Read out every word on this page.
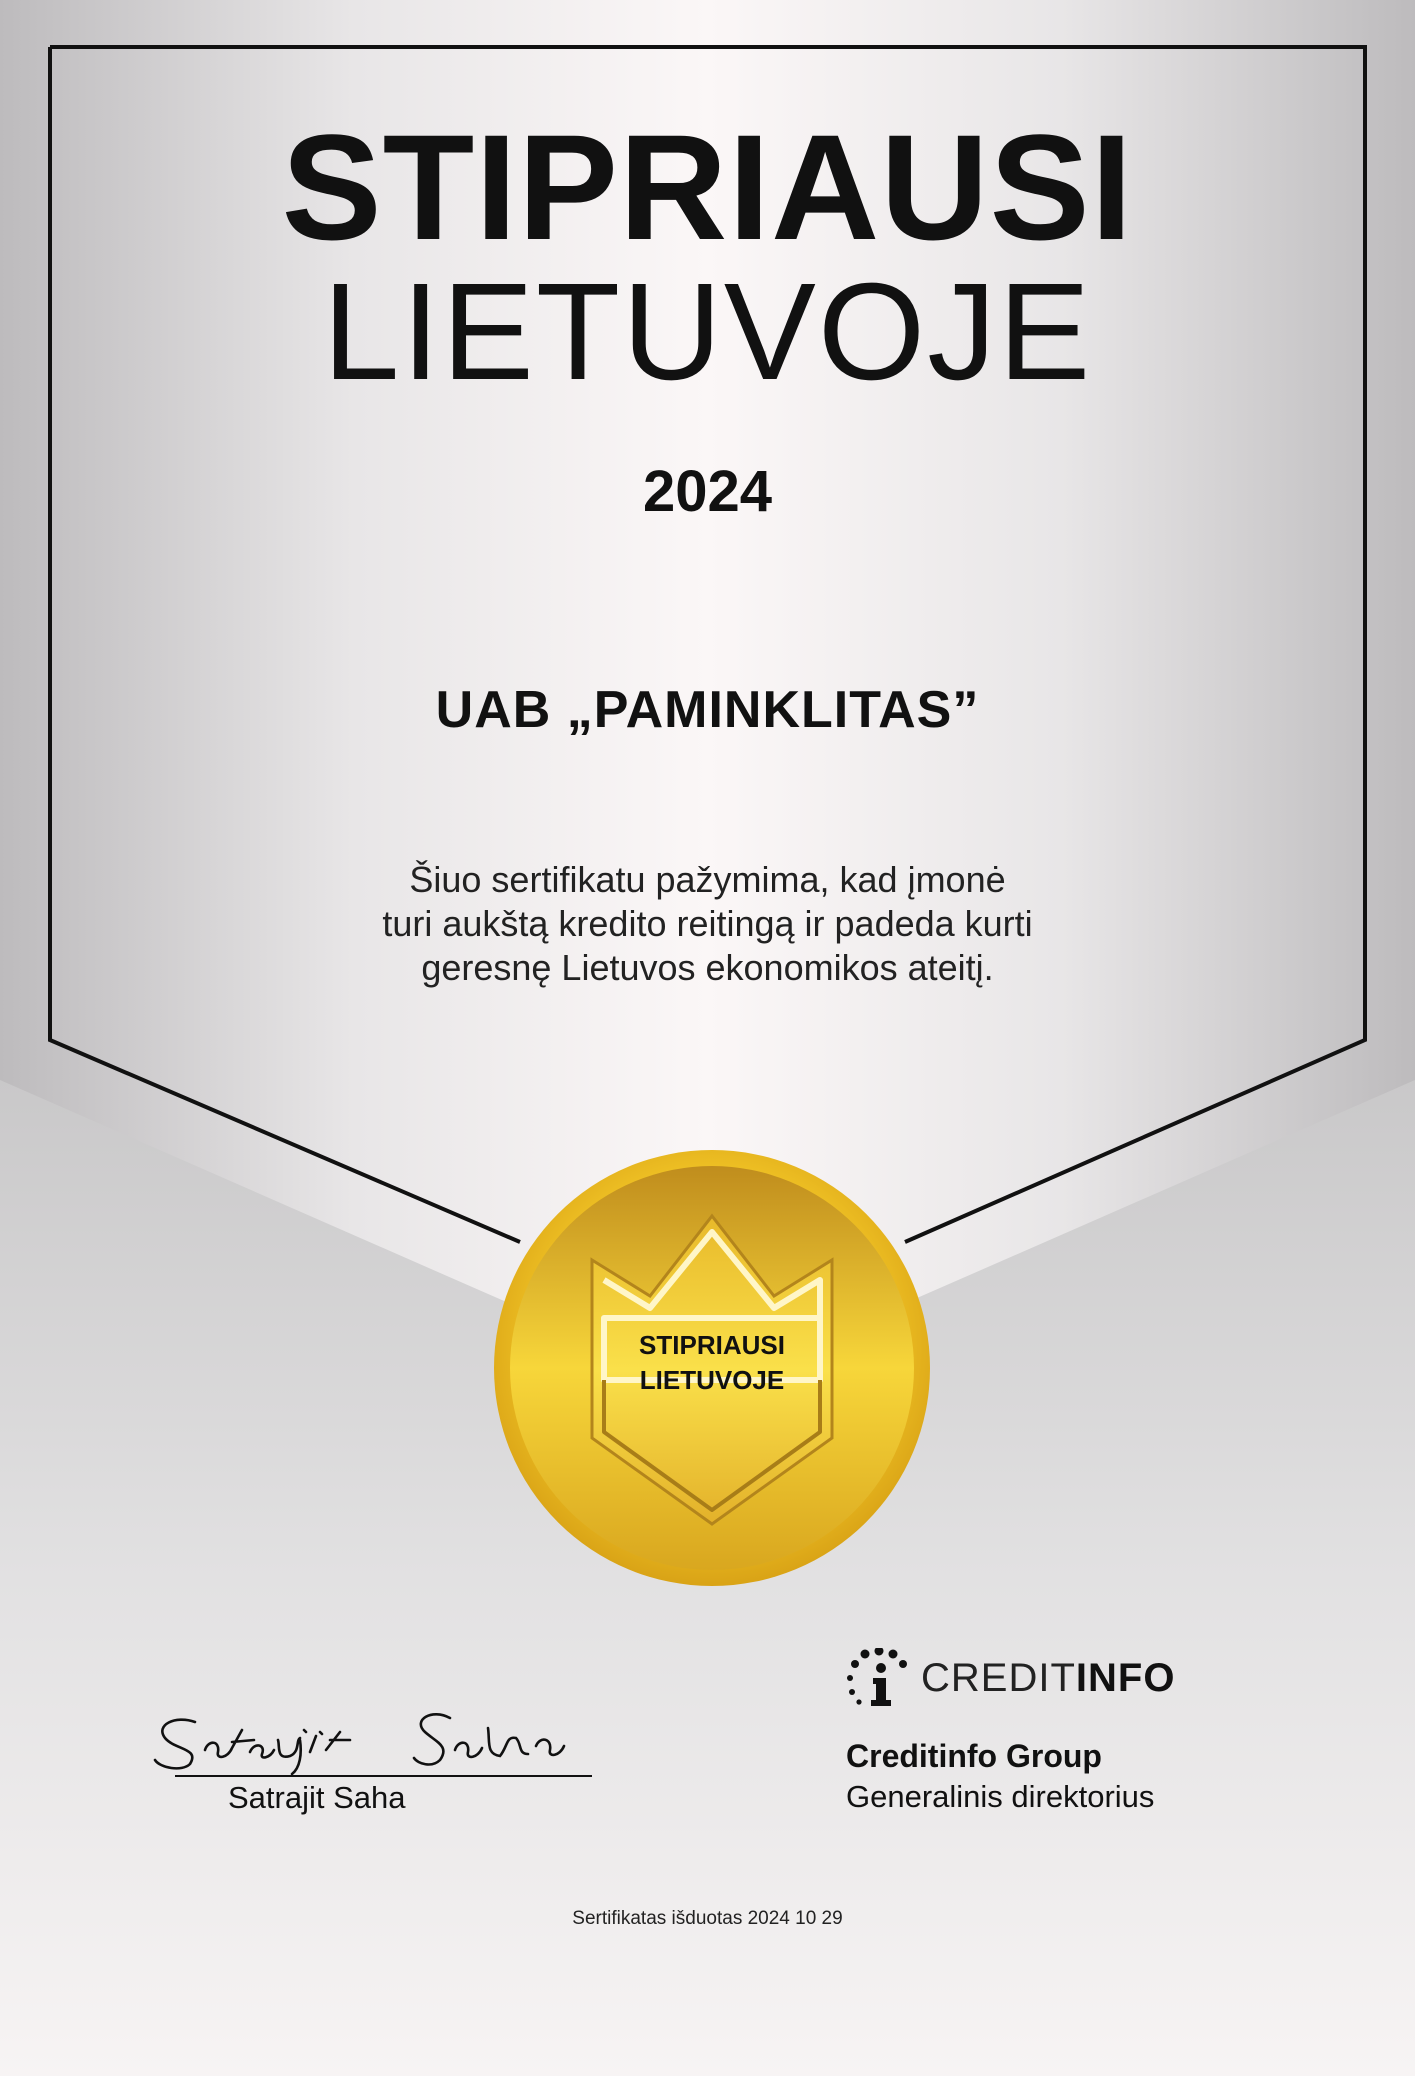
STIPRIAUSI
LIETUVOJE
2024
UAB „PAMINKLITAS”
Šiuo sertifikatu pažymima, kad įmonė
turi aukštą kredito reitingą ir padeda kurti
geresnę Lietuvos ekonomikos ateitį.
STIPRIAUSI
LIETUVOJE
Satrajit Saha
CREDIT INFO
Creditinfo Group
Generalinis direktorius
Sertifikatas išduotas 2024 10 29
